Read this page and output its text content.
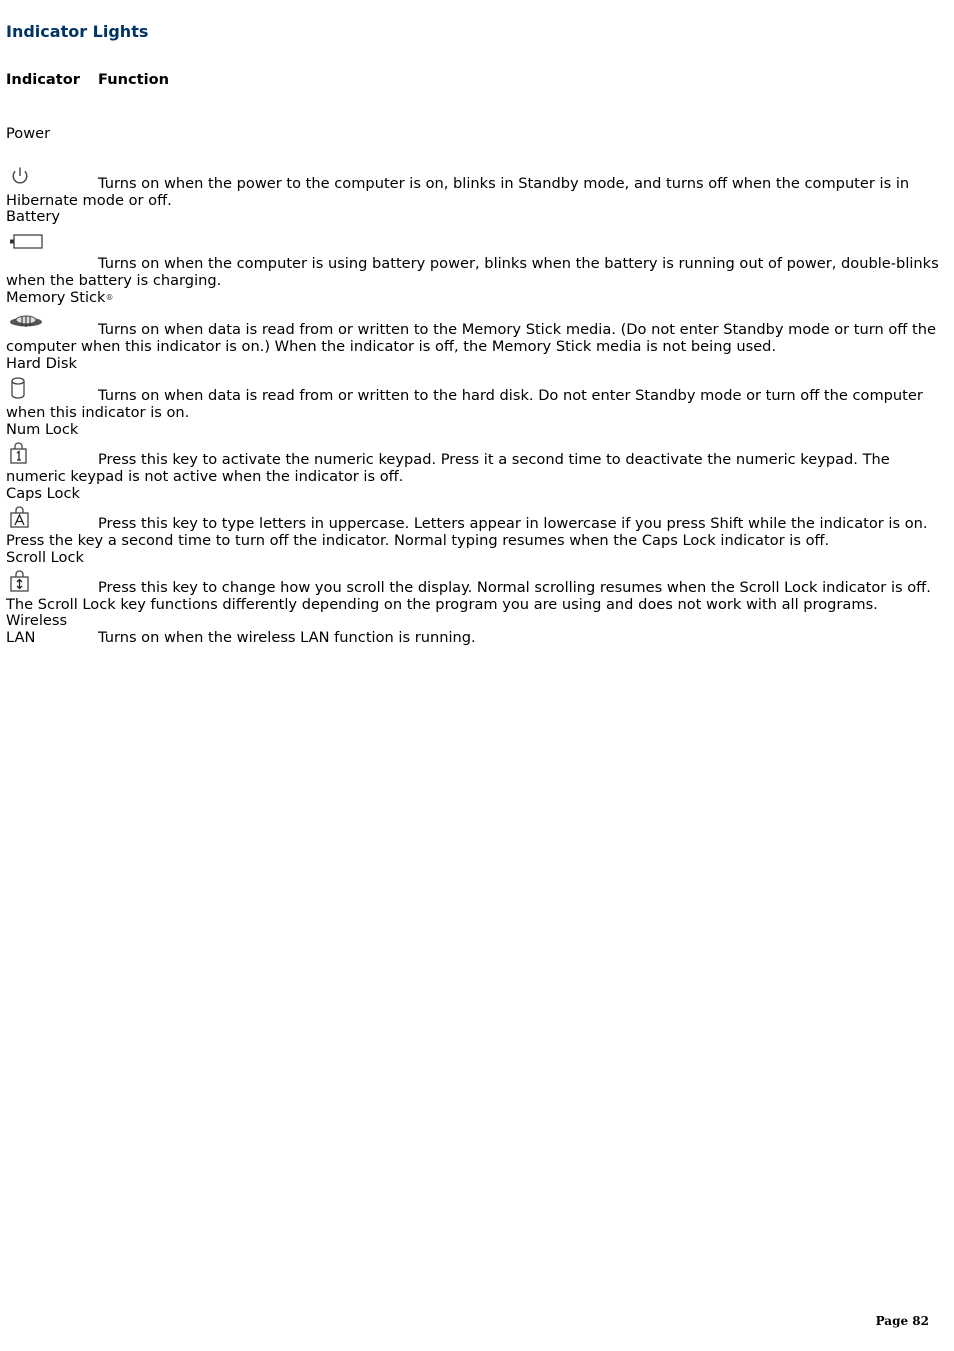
Indicator Lights
Indicator Function
Power
Turns on when the power to the computer is on, blinks in Standby mode, and turns off when the computer is in Hibernate mode or off.
Battery
Turns on when the computer is using battery power, blinks when the battery is running out of power, double-blinks when the battery is charging.
Memory Stick®
Turns on when data is read from or written to the Memory Stick media. (Do not enter Standby mode or turn off the computer when this indicator is on.) When the indicator is off, the Memory Stick media is not being used.
Hard Disk
Turns on when data is read from or written to the hard disk. Do not enter Standby mode or turn off the computer when this indicator is on.
Num Lock
Press this key to activate the numeric keypad. Press it a second time to deactivate the numeric keypad. The numeric keypad is not active when the indicator is off.
Caps Lock
Press this key to type letters in uppercase. Letters appear in lowercase if you press Shift while the indicator is on. Press the key a second time to turn off the indicator. Normal typing resumes when the Caps Lock indicator is off.
Scroll Lock
Press this key to change how you scroll the display. Normal scrolling resumes when the Scroll Lock indicator is off. The Scroll Lock key functions differently depending on the program you are using and does not work with all programs.
Wireless
LAN	Turns on when the wireless LAN function is running.
Page 82
